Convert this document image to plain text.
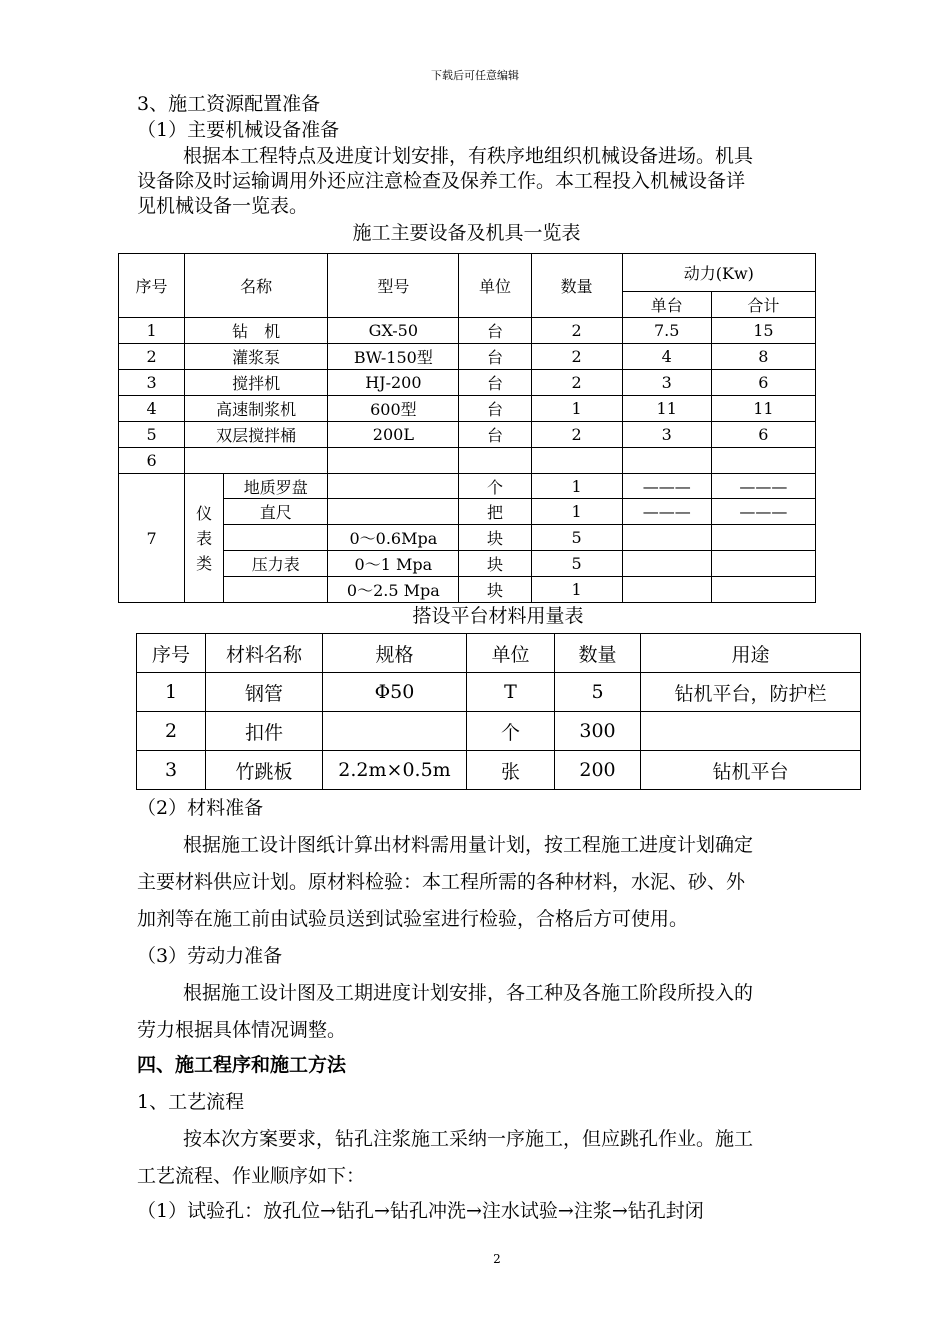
下载后可任意编辑
3、施工资源配置准备
（1）主要机械设备准备
根据本工程特点及进度计划安排，有秩序地组织机械设备进场。机具
设备除及时运输调用外还应注意检查及保养工作。本工程投入机械设备详
见机械设备一览表。
施工主要设备及机具一览表
序号	名称		型号	单位	数量	动力(Kw)	
						单台	合计
1	钻　机		GX-50	台	2	7.5	15
2	灌浆泵		BW-150型	台	2	4	8
3	搅拌机		HJ-200	台	2	3	6
4	高速制浆机		600型	台	1	11	11
5	双层搅拌桶		200L	台	2	3	6
6							
7	仪表类	地质罗盘		个	1	———	———
		直尺		把	1	———	———
			0～0.6Mpa	块	5		
		压力表	0～1 Mpa	块	5		
			0～2.5 Mpa	块	1		
搭设平台材料用量表
序号	材料名称	规格	单位	数量	用途
1	钢管	Φ50	T	5	钻机平台，防护栏
2	扣件		个	300	
3	竹跳板	2.2m×0.5m	张	200	钻机平台
（2）材料准备
根据施工设计图纸计算出材料需用量计划，按工程施工进度计划确定
主要材料供应计划。原材料检验：本工程所需的各种材料，水泥、砂、外
加剂等在施工前由试验员送到试验室进行检验，合格后方可使用。
（3）劳动力准备
根据施工设计图及工期进度计划安排，各工种及各施工阶段所投入的
劳力根据具体情况调整。
四、施工程序和施工方法
1、工艺流程
按本次方案要求，钻孔注浆施工采纳一序施工，但应跳孔作业。施工
工艺流程、作业顺序如下：
（1）试验孔：放孔位→钻孔→钻孔冲洗→注水试验→注浆→钻孔封闭
2
